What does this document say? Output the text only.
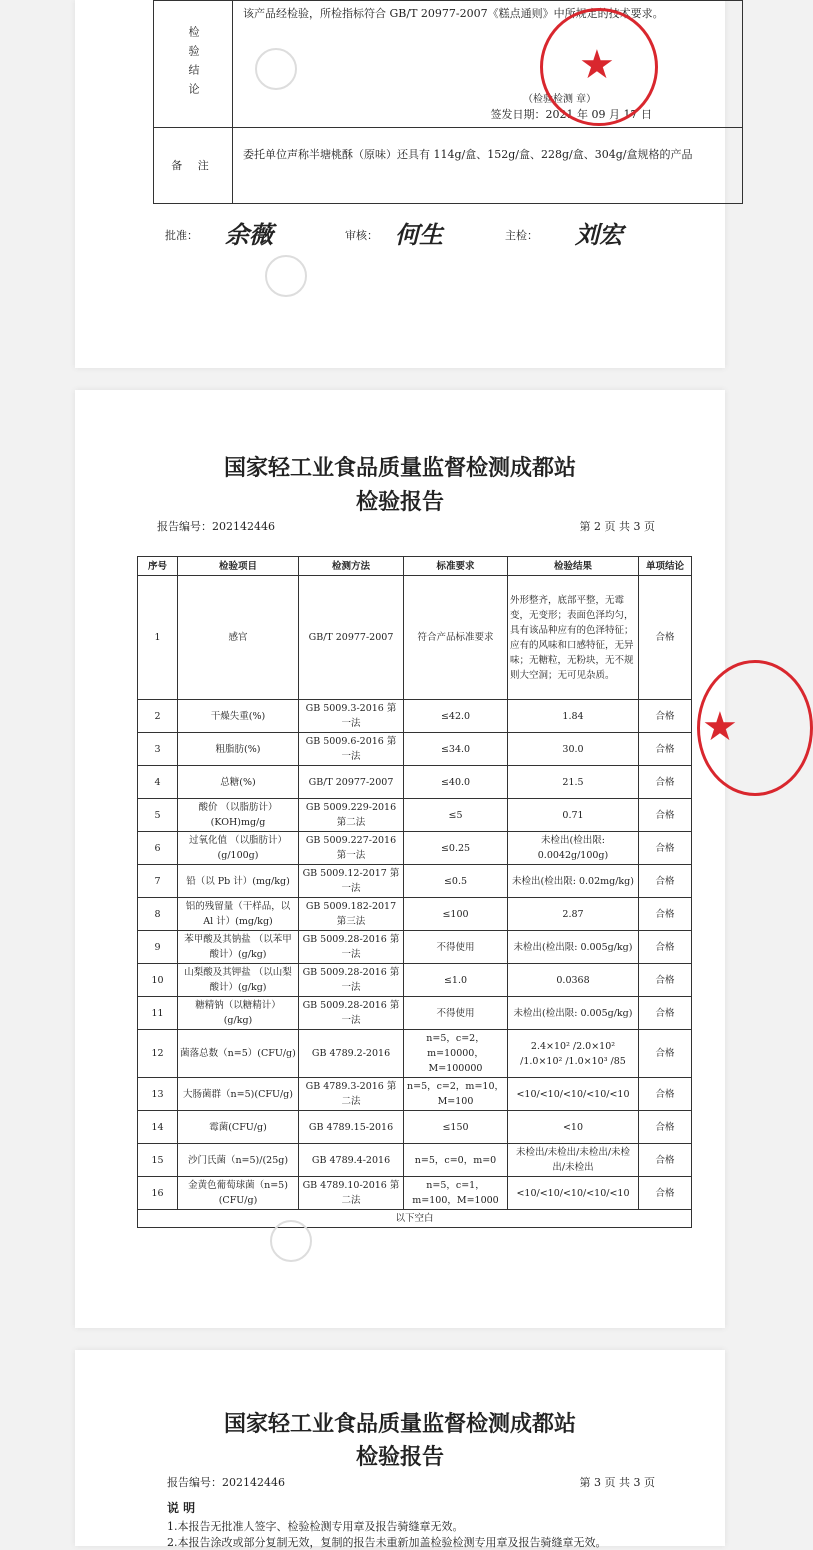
检验结论	该产品经检验，所检指标符合 GB/T 20977-2007《糕点通则》中所规定的技术要求。
（检验检测 章）
签发日期：2021 年 09 月 17 日

备 注	委托单位声称半塘桃酥（原味）还具有 114g/盒、152g/盒、228g/盒、304g/盒规格的产品
★
批准： 余薇	审核： 何生	主检： 刘宏
国家轻工业食品质量监督检测成都站
检验报告
报告编号：202142446	第 2 页 共 3 页
序号	检验项目	检测方法	标准要求	检验结果	单项结论
1	感官	GB/T 20977-2007	符合产品标准要求	外形整齐，底部平整，无霉变，无变形；表面色泽均匀，具有该品种应有的色泽特征；应有的风味和口感特征，无异味；无糖粒，无粉块，无不规则大空洞；无可见杂质。	合格
2	干燥失重(%)	GB 5009.3-2016 第一法	≤42.0	1.84	合格
3	粗脂肪(%)	GB 5009.6-2016 第一法	≤34.0	30.0	合格
4	总糖(%)	GB/T 20977-2007	≤40.0	21.5	合格
5	酸价 （以脂肪计）(KOH)mg/g	GB 5009.229-2016 第二法	≤5	0.71	合格
6	过氧化值 （以脂肪计）(g/100g)	GB 5009.227-2016 第一法	≤0.25	未检出(检出限: 0.0042g/100g)	合格
7	铅（以 Pb 计）(mg/kg)	GB 5009.12-2017 第一法	≤0.5	未检出(检出限: 0.02mg/kg)	合格
8	铝的残留量（干样品，以 Al 计）(mg/kg)	GB 5009.182-2017 第三法	≤100	2.87	合格
9	苯甲酸及其钠盐 （以苯甲酸计）(g/kg)	GB 5009.28-2016 第一法	不得使用	未检出(检出限: 0.005g/kg)	合格
10	山梨酸及其钾盐 （以山梨酸计）(g/kg)	GB 5009.28-2016 第一法	≤1.0	0.0368	合格
11	糖精钠（以糖精计） (g/kg)	GB 5009.28-2016 第一法	不得使用	未检出(检出限: 0.005g/kg)	合格
12	菌落总数（n=5）(CFU/g)	GB 4789.2-2016	n=5，c=2，m=10000，M=100000	2.4×10² /2.0×10² /1.0×10² /1.0×10³ /85	合格
13	大肠菌群（n=5)(CFU/g)	GB 4789.3-2016 第二法	n=5，c=2，m=10，M=100	<10/<10/<10/<10/<10	合格
14	霉菌(CFU/g)	GB 4789.15-2016	≤150	<10	合格
15	沙门氏菌（n=5)/(25g)	GB 4789.4-2016	n=5，c=0，m=0	未检出/未检出/未检出/未检出/未检出	合格
16	金黄色葡萄球菌（n=5) (CFU/g)	GB 4789.10-2016 第二法	n=5，c=1，m=100，M=1000	<10/<10/<10/<10/<10	合格
以下空白					
★
国家轻工业食品质量监督检测成都站
检验报告
报告编号：202142446	第 3 页 共 3 页
说 明
1.本报告无批准人签字、检验检测专用章及报告骑缝章无效。
2.本报告涂改或部分复制无效，复制的报告未重新加盖检验检测专用章及报告骑缝章无效。
